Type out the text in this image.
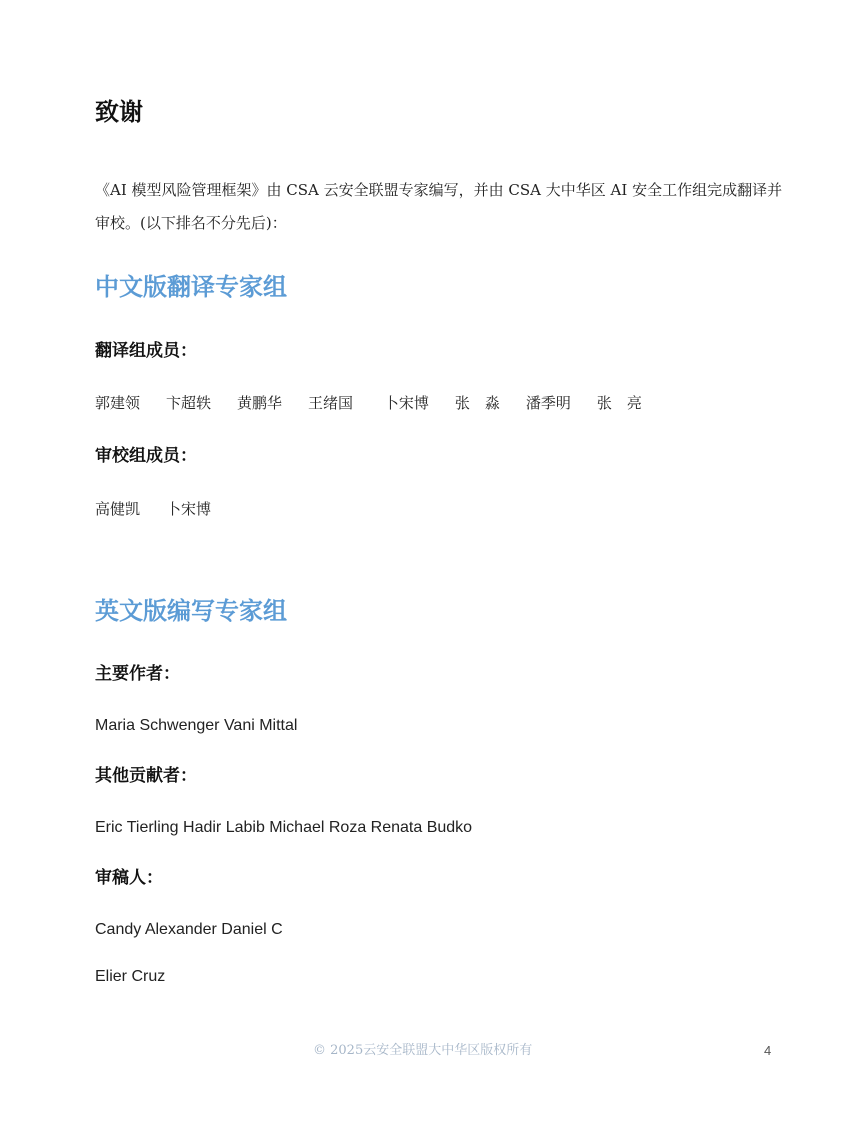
致谢

《AI 模型风险管理框架》由 CSA 云安全联盟专家编写，并由 CSA 大中华区 AI 安全工作组完成翻译并审校。(以下排名不分先后)：

中文版翻译专家组
翻译组成员：
郭建领 卞超轶 黄鹏华 王绪国 卜宋博 张　淼 潘季明 张　亮
审校组成员：
高健凯 卜宋博
英文版编写专家组
主要作者：

Maria Schwenger Vani Mittal

其他贡献者：

Eric Tierling Hadir Labib Michael Roza Renata Budko

审稿人：

Candy Alexander Daniel C

Elier Cruz

© 2025云安全联盟大中华区版权所有	4
